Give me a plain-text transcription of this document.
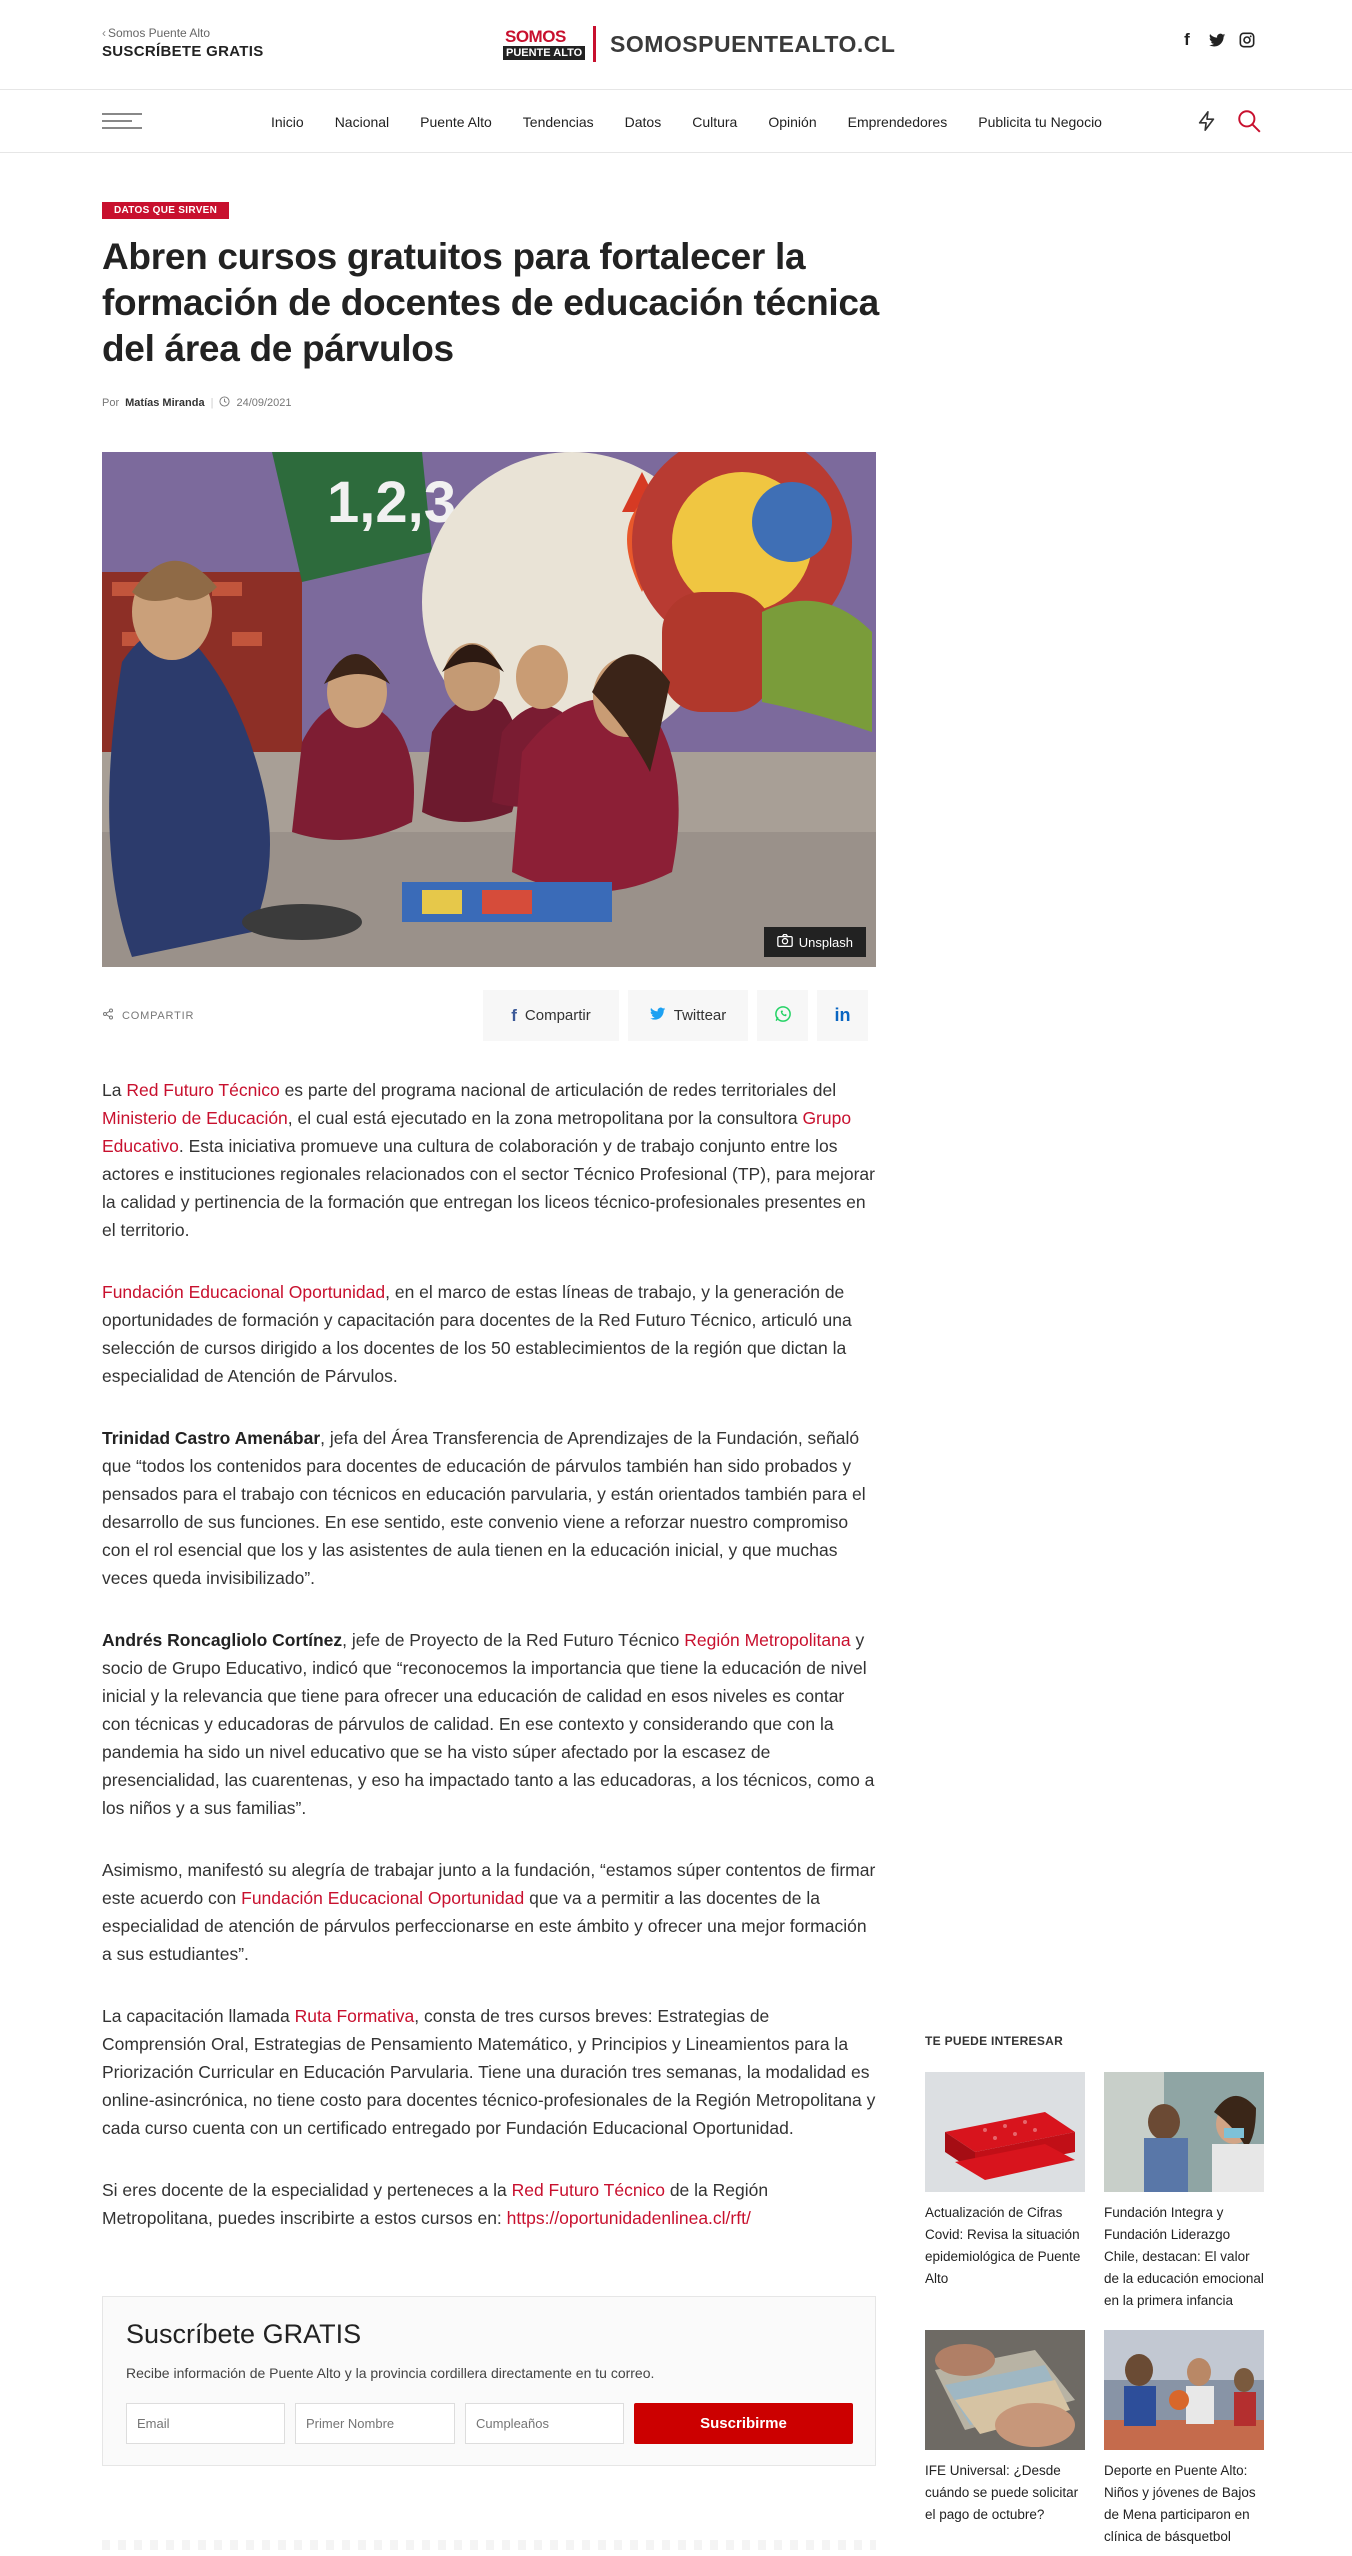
‹ Somos Puente Alto
SUSCRÍBETE GRATIS
SOMOS
PUENTE ALTO SOMOSPUENTEALTO.CL	f
Inicio Nacional Puente Alto Tendencias Datos Cultura Opinión Emprendedores Publicita tu Negocio
DATOS QUE SIRVEN
Abren cursos gratuitos para fortalecer la formación de docentes de educación técnica del área de párvulos
Por Matías Miranda | 24/09/2021
1,2,3
Unsplash
COMPARTIR	f Compartir	Twittear	in

La Red Futuro Técnico es parte del programa nacional de articulación de redes territoriales del Ministerio de Educación, el cual está ejecutado en la zona metropolitana por la consultora Grupo Educativo. Esta iniciativa promueve una cultura de colaboración y de trabajo conjunto entre los actores e instituciones regionales relacionados con el sector Técnico Profesional (TP), para mejorar la calidad y pertinencia de la formación que entregan los liceos técnico-profesionales presentes en el territorio.

Fundación Educacional Oportunidad, en el marco de estas líneas de trabajo, y la generación de oportunidades de formación y capacitación para docentes de la Red Futuro Técnico, articuló una selección de cursos dirigido a los docentes de los 50 establecimientos de la región que dictan la especialidad de Atención de Párvulos.

Trinidad Castro Amenábar, jefa del Área Transferencia de Aprendizajes de la Fundación, señaló que “todos los contenidos para docentes de educación de párvulos también han sido probados y pensados para el trabajo con técnicos en educación parvularia, y están orientados también para el desarrollo de sus funciones. En ese sentido, este convenio viene a reforzar nuestro compromiso con el rol esencial que los y las asistentes de aula tienen en la educación inicial, y que muchas veces queda invisibilizado”.

Andrés Roncagliolo Cortínez, jefe de Proyecto de la Red Futuro Técnico Región Metropolitana y socio de Grupo Educativo, indicó que “reconocemos la importancia que tiene la educación de nivel inicial y la relevancia que tiene para ofrecer una educación de calidad en esos niveles es contar con técnicas y educadoras de párvulos de calidad. En ese contexto y considerando que con la pandemia ha sido un nivel educativo que se ha visto súper afectado por la escasez de presencialidad, las cuarentenas, y eso ha impactado tanto a las educadoras, a los técnicos, como a los niños y a sus familias”.

Asimismo, manifestó su alegría de trabajar junto a la fundación, “estamos súper contentos de firmar este acuerdo con Fundación Educacional Oportunidad que va a permitir a las docentes de la especialidad de atención de párvulos perfeccionarse en este ámbito y ofrecer una mejor formación a sus estudiantes”.

La capacitación llamada Ruta Formativa, consta de tres cursos breves: Estrategias de Comprensión Oral, Estrategias de Pensamiento Matemático, y Principios y Lineamientos para la Priorización Curricular en Educación Parvularia. Tiene una duración tres semanas, la modalidad es online-asincrónica, no tiene costo para docentes técnico-profesionales de la Región Metropolitana y cada curso cuenta con un certificado entregado por Fundación Educacional Oportunidad.

Si eres docente de la especialidad y perteneces a la Red Futuro Técnico de la Región Metropolitana, puedes inscribirte a estos cursos en: https://oportunidadenlinea.cl/rft/

Suscríbete GRATIS
Recibe información de Puente Alto y la provincia cordillera directamente en tu correo.
Email
Primer Nombre
Cumpleaños
Suscribirme
TE PUEDE INTERESAR
Actualización de Cifras Covid: Revisa la situación epidemiológica de Puente Alto
Fundación Integra y Fundación Liderazgo Chile, destacan: El valor de la educación emocional en la primera infancia
IFE Universal: ¿Desde cuándo se puede solicitar el pago de octubre?
Deporte en Puente Alto: Niños y jóvenes de Bajos de Mena participaron en clínica de básquetbol
